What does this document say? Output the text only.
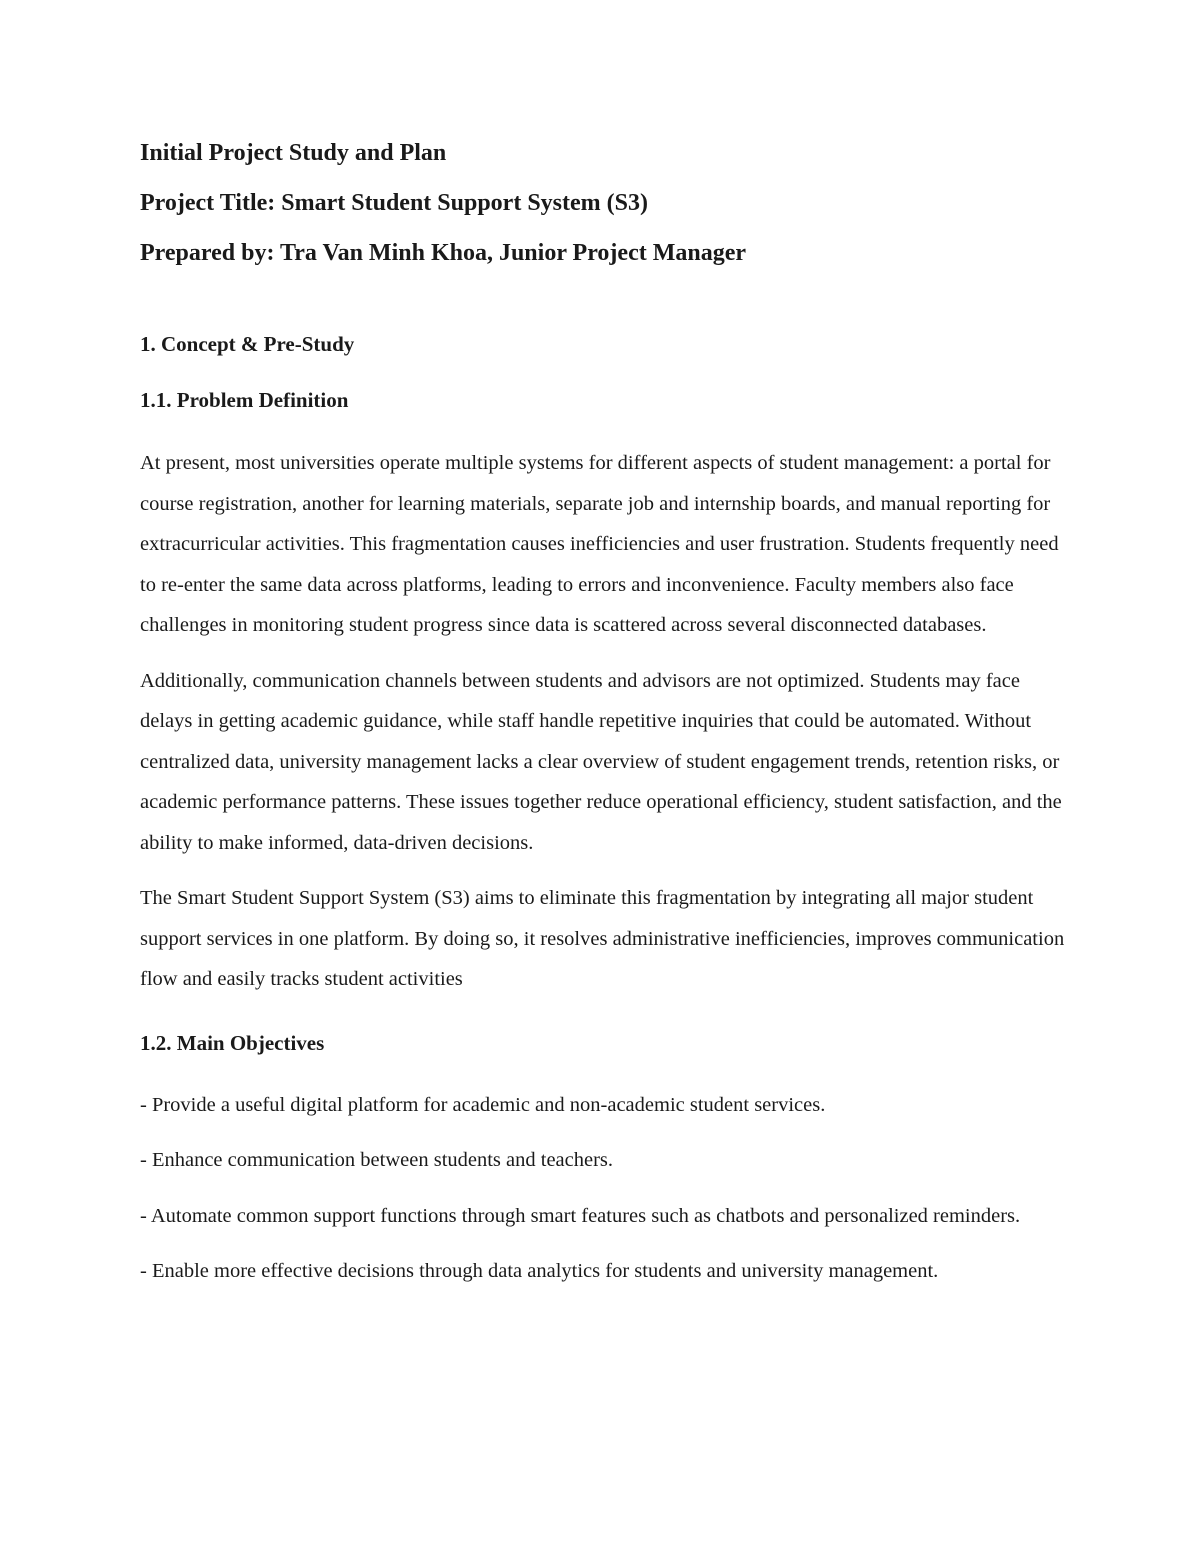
Initial Project Study and Plan
Project Title: Smart Student Support System (S3)
Prepared by: Tra Van Minh Khoa, Junior Project Manager
1. Concept & Pre-Study
1.1. Problem Definition

At present, most universities operate multiple systems for different aspects of student management: a portal for course registration, another for learning materials, separate job and internship boards, and manual reporting for extracurricular activities. This fragmentation causes inefficiencies and user frustration. Students frequently need to re-enter the same data across platforms, leading to errors and inconvenience. Faculty members also face challenges in monitoring student progress since data is scattered across several disconnected databases.

Additionally, communication channels between students and advisors are not optimized. Students may face delays in getting academic guidance, while staff handle repetitive inquiries that could be automated. Without centralized data, university management lacks a clear overview of student engagement trends, retention risks, or academic performance patterns. These issues together reduce operational efficiency, student satisfaction, and the ability to make informed, data-driven decisions.

The Smart Student Support System (S3) aims to eliminate this fragmentation by integrating all major student support services in one platform. By doing so, it resolves administrative inefficiencies, improves communication flow and easily tracks student activities

1.2. Main Objectives

- Provide a useful digital platform for academic and non-academic student services.

- Enhance communication between students and teachers.

- Automate common support functions through smart features such as chatbots and personalized reminders.

- Enable more effective decisions through data analytics for students and university management.
